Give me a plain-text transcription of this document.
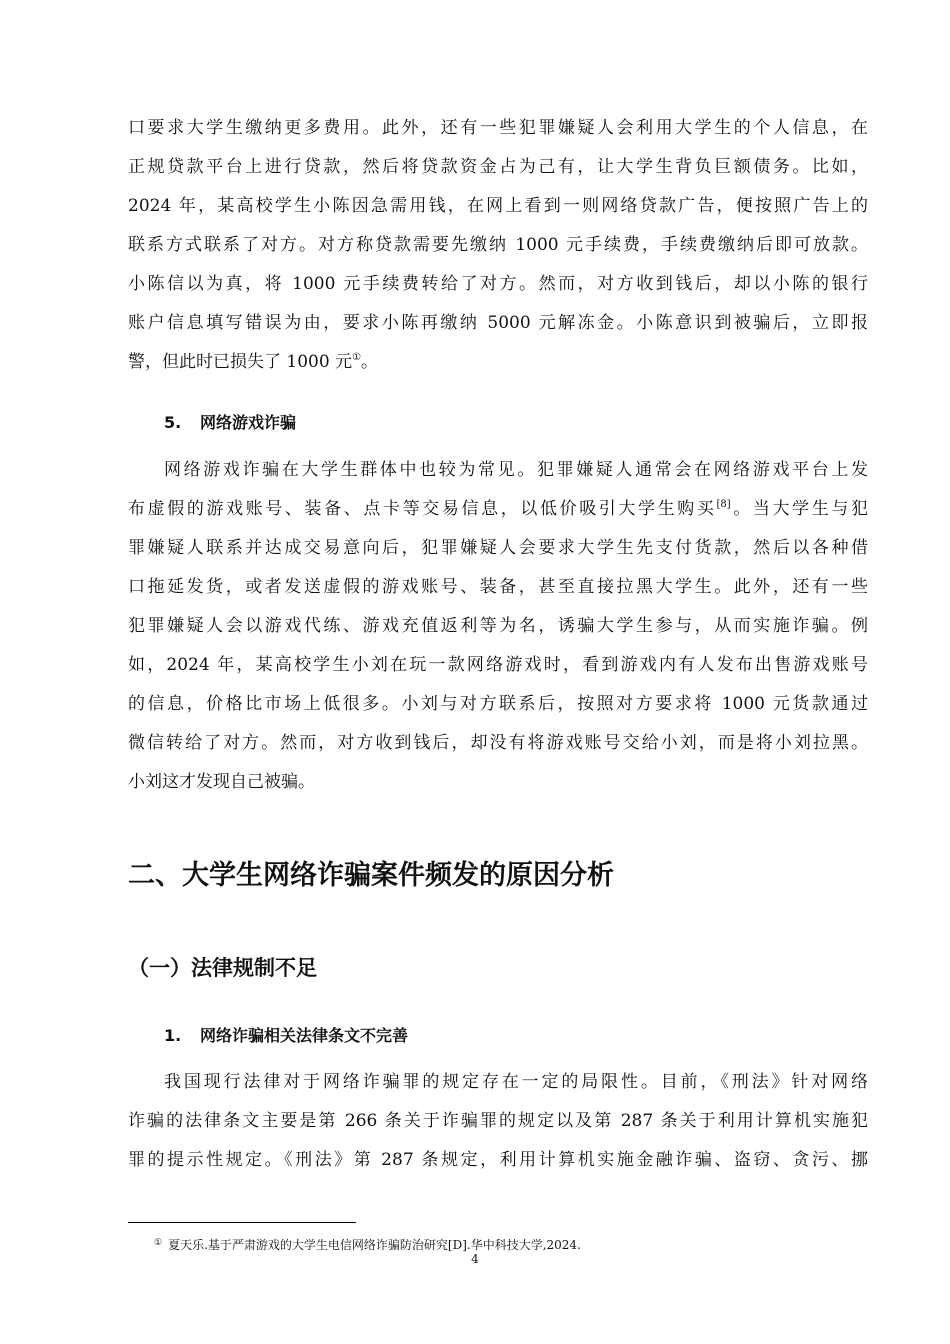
口要求大学生缴纳更多费用。此外，还有一些犯罪嫌疑人会利用大学生的个人信息，在
正规贷款平台上进行贷款，然后将贷款资金占为己有，让大学生背负巨额债务。比如，
2024 年，某高校学生小陈因急需用钱，在网上看到一则网络贷款广告，便按照广告上的
联系方式联系了对方。对方称贷款需要先缴纳 1000 元手续费，手续费缴纳后即可放款。
小陈信以为真，将 1000 元手续费转给了对方。然而，对方收到钱后，却以小陈的银行
账户信息填写错误为由，要求小陈再缴纳 5000 元解冻金。小陈意识到被骗后，立即报
警，但此时已损失了 1000 元①。
5. 网络游戏诈骗
网络游戏诈骗在大学生群体中也较为常见。犯罪嫌疑人通常会在网络游戏平台上发
布虚假的游戏账号、装备、点卡等交易信息，以低价吸引大学生购买[8]。当大学生与犯
罪嫌疑人联系并达成交易意向后，犯罪嫌疑人会要求大学生先支付货款，然后以各种借
口拖延发货，或者发送虚假的游戏账号、装备，甚至直接拉黑大学生。此外，还有一些
犯罪嫌疑人会以游戏代练、游戏充值返利等为名，诱骗大学生参与，从而实施诈骗。例
如，2024 年，某高校学生小刘在玩一款网络游戏时，看到游戏内有人发布出售游戏账号
的信息，价格比市场上低很多。小刘与对方联系后，按照对方要求将 1000 元货款通过
微信转给了对方。然而，对方收到钱后，却没有将游戏账号交给小刘，而是将小刘拉黑。
小刘这才发现自己被骗。
二、大学生网络诈骗案件频发的原因分析
（一）法律规制不足
1. 网络诈骗相关法律条文不完善
我国现行法律对于网络诈骗罪的规定存在一定的局限性。目前，《刑法》针对网络
诈骗的法律条文主要是第 266 条关于诈骗罪的规定以及第 287 条关于利用计算机实施犯
罪的提示性规定。《刑法》第 287 条规定，利用计算机实施金融诈骗、盗窃、贪污、挪
① 夏天乐.基于严肃游戏的大学生电信网络诈骗防治研究[D].华中科技大学,2024.
4
